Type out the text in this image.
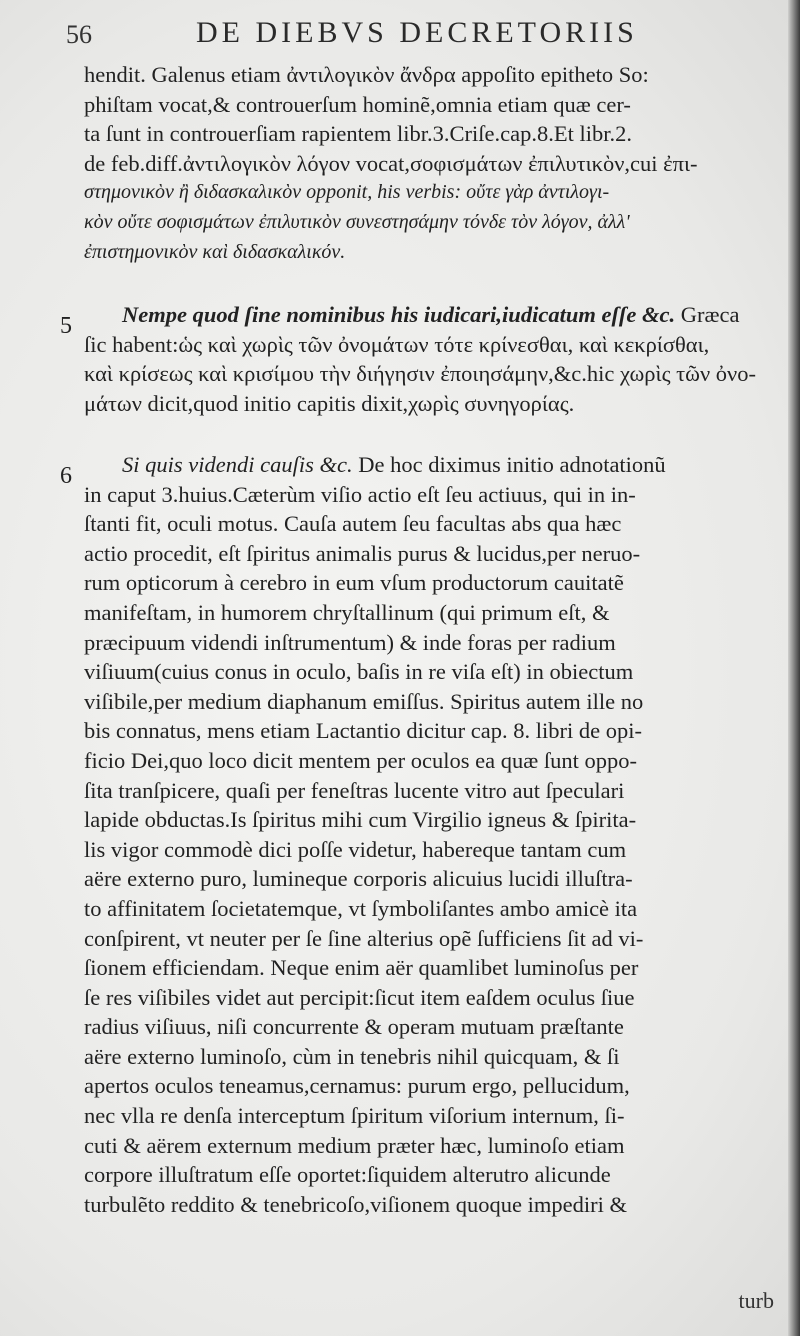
56	DE DIEBVS DECRETORIIS
hendit. Galenus etiam ἀντιλογικὸν ἄνδρα appoſito epitheto So:
phiſtam vocat,& controuerſum hominẽ,omnia etiam quæ cer-
ta ſunt in controuerſiam rapientem libr.3.Criſe.cap.8.Et libr.2.
de feb.diff.ἀντιλογικὸν λόγον vocat,σοφισμάτων ἐπιλυτικὸν,cui ἐπι-
στημονικὸν ἢ διδασκαλικὸν opponit, his verbis: οὔτε γὰρ ἀντιλογι-
κὸν οὔτε σοφισμάτων ἐπιλυτικὸν συνεστησάμην τόνδε τὸν λόγον, ἀλλ'
ἐπιστημονικὸν καὶ διδασκαλικόν.
5	Nempe quod ſine nominibus his iudicari,iudicatum eſſe &c. Græca
ſic habent:ὡς καὶ χωρὶς τῶν ὀνομάτων τότε κρίνεσθαι, καὶ κεκρίσθαι,
καὶ κρίσεως καὶ κρισίμου τὴν διήγησιν ἐποιησάμην,&c.hic χωρὶς τῶν ὀνο-
μάτων dicit,quod initio capitis dixit,χωρὶς συνηγορίας.
6	Si quis videndi cauſis &c. De hoc diximus initio adnotationũ
in caput 3.huius.Cæterùm viſio actio eſt ſeu actiuus, qui in in-
ſtanti fit, oculi motus. Cauſa autem ſeu facultas abs qua hæc
actio procedit, eſt ſpiritus animalis purus & lucidus,per neruo-
rum opticorum à cerebro in eum vſum productorum cauitatẽ
manifeſtam, in humorem chryſtallinum (qui primum eſt, &
præcipuum videndi inſtrumentum) & inde foras per radium
viſiuum(cuius conus in oculo, baſis in re viſa eſt) in obiectum
viſibile,per medium diaphanum emiſſus. Spiritus autem ille no
bis connatus, mens etiam Lactantio dicitur cap. 8. libri de opi-
ficio Dei,quo loco dicit mentem per oculos ea quæ ſunt oppo-
ſita tranſpicere, quaſi per feneſtras lucente vitro aut ſpeculari
lapide obductas.Is ſpiritus mihi cum Virgilio igneus & ſpirita-
lis vigor commodè dici poſſe videtur, habereque tantam cum
aëre externo puro, lumineque corporis alicuius lucidi illuſtra-
to affinitatem ſocietatemque, vt ſymboliſantes ambo amicè ita
conſpirent, vt neuter per ſe ſine alterius opẽ ſufficiens ſit ad vi-
ſionem efficiendam. Neque enim aër quamlibet luminoſus per
ſe res viſibiles videt aut percipit:ſicut item eaſdem oculus ſiue
radius viſiuus, niſi concurrente & operam mutuam præſtante
aëre externo luminoſo, cùm in tenebris nihil quicquam, & ſi
apertos oculos teneamus,cernamus: purum ergo, pellucidum,
nec vlla re denſa interceptum ſpiritum viſorium internum, ſi-
cuti & aërem externum medium præter hæc, luminoſo etiam
corpore illuſtratum eſſe oportet:ſiquidem alterutro alicunde
turbulẽto reddito & tenebricoſo,viſionem quoque impediri &
turb
